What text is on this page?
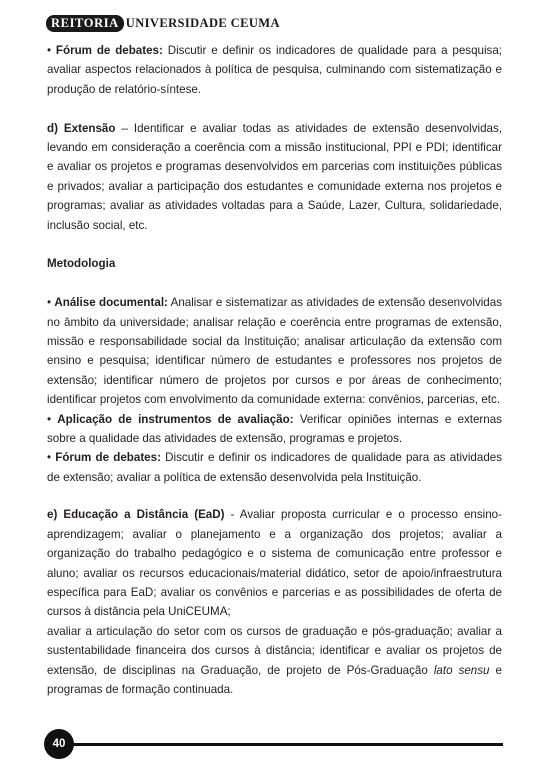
REITORIA UNIVERSIDADE CEUMA

• Fórum de debates: Discutir e definir os indicadores de qualidade para a pesquisa; avaliar aspectos relacionados à política de pesquisa, culminando com sistematização e produção de relatório-síntese.

d) Extensão – Identificar e avaliar todas as atividades de extensão desenvolvidas, levando em consideração a coerência com a missão institucional, PPI e PDI; identificar e avaliar os projetos e programas desenvolvidos em parcerias com instituições públicas e privados; avaliar a participação dos estudantes e comunidade externa nos projetos e programas; avaliar as atividades voltadas para a Saúde, Lazer, Cultura, solidariedade, inclusão social, etc.

Metodologia

• Análise documental: Analisar e sistematizar as atividades de extensão desenvolvidas no âmbito da universidade; analisar relação e coerência entre programas de extensão, missão e responsabilidade social da Instituição; analisar articulação da extensão com ensino e pesquisa; identificar número de estudantes e professores nos projetos de extensão; identificar número de projetos por cursos e por áreas de conhecimento; identificar projetos com envolvimento da comunidade externa: convênios, parcerias, etc.

• Aplicação de instrumentos de avaliação: Verificar opiniões internas e externas sobre a qualidade das atividades de extensão, programas e projetos.

• Fórum de debates: Discutir e definir os indicadores de qualidade para as atividades de extensão; avaliar a política de extensão desenvolvida pela Instituição.

e) Educação a Distância (EaD) - Avaliar proposta curricular e o processo ensino-aprendizagem; avaliar o planejamento e a organização dos projetos; avaliar a organização do trabalho pedagógico e o sistema de comunicação entre professor e aluno; avaliar os recursos educacionais/material didático, setor de apoio/infraestrutura específica para EaD; avaliar os convênios e parcerias e as possibilidades de oferta de cursos à distância pela UniCEUMA;

avaliar a articulação do setor com os cursos de graduação e pós-graduação; avaliar a sustentabilidade financeira dos cursos à distância; identificar e avaliar os projetos de extensão, de disciplinas na Graduação, de projeto de Pós-Graduação lato sensu e programas de formação continuada.

40
